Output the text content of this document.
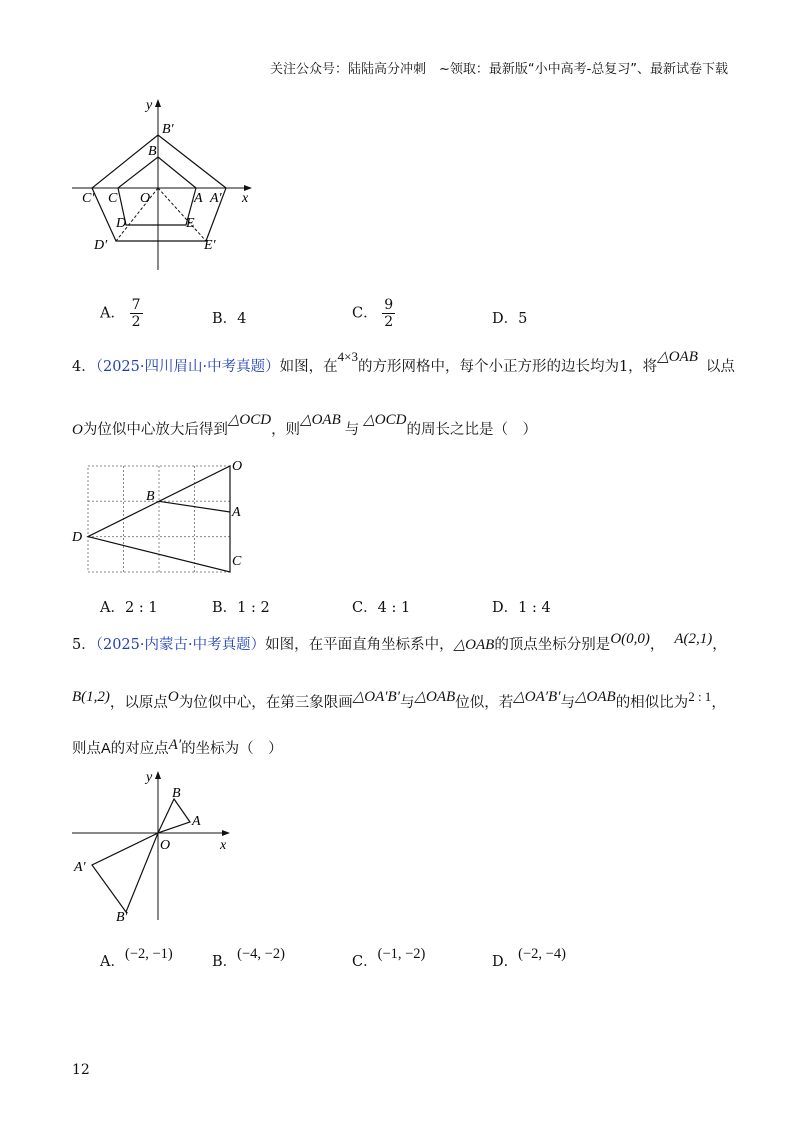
关注公众号：陆陆高分冲刺　~领取：最新版“小中高考-总复习”、最新试卷下载
y
x
B′
B
C′ C O	A A′
D	E
D′	E′
A． $\frac{7}{2}$	B．4	C． $\frac{9}{2}$	D．5
4．（2025·四川眉山·中考真题）如图，在4×3的方形网格中，每个小正方形的边长均为1，将△OAB以点
O为位似中心放大后得到△OCD，则△OAB与△OCD的周长之比是（　）
O
B
A
D
C
A．2 : 1	B．1 : 2	C．4 : 1	D．1 : 4
5．（2025·内蒙古·中考真题）如图，在平面直角坐标系中，△OAB的顶点坐标分别是O(0,0)， A(2,1)，
B(1,2)，以原点O为位似中心，在第三象限画△OA′B′与△OAB位似，若△OA′B′与△OAB的相似比为2 : 1，
则点A的对应点A′的坐标为（　）
y
x
B
A
O
A′
B′
A．(−2, −1)	B．(−4, −2)	C．(−1, −2)	D．(−2, −4)
12
